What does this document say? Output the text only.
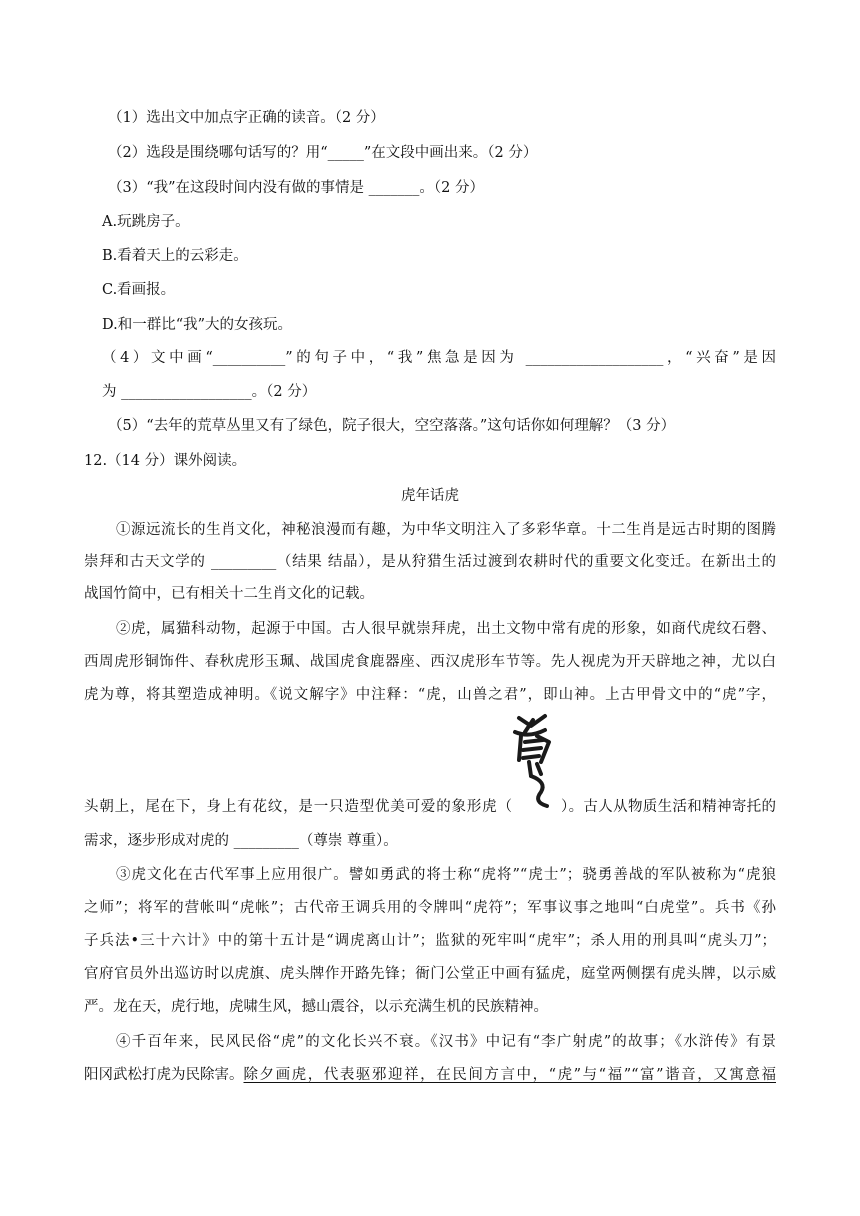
（1）选出文中加点字正确的读音。（2 分）
（2）选段是围绕哪句话写的？用“_____”在文段中画出来。（2 分）
（3）“我”在这段时间内没有做的事情是 _______。（2 分）
A.玩跳房子。
B.看着天上的云彩走。
C.看画报。
D.和一群比“我”大的女孩玩。
（4）文中画“__________”的句子中，“我”焦急是因为 ___________________，“兴奋”是因
为 __________________。（2 分）
（5）“去年的荒草丛里又有了绿色，院子很大，空空落落。”这句话你如何理解？（3 分）
12.（14 分）课外阅读。
虎年话虎
①源远流长的生肖文化，神秘浪漫而有趣，为中华文明注入了多彩华章。十二生肖是远古时期的图腾
崇拜和古天文学的 _________（结果 结晶），是从狩猎生活过渡到农耕时代的重要文化变迁。在新出土的
战国竹简中，已有相关十二生肖文化的记载。
②虎，属猫科动物，起源于中国。古人很早就崇拜虎，出土文物中常有虎的形象，如商代虎纹石磬、
西周虎形铜饰件、春秋虎形玉珮、战国虎食鹿器座、西汉虎形车节等。先人视虎为开天辟地之神，尤以白
虎为尊，将其塑造成神明。《说文解字》中注释：“虎，山兽之君”，即山神。上古甲骨文中的“虎”字，
头朝上，尾在下，身上有花纹，是一只造型优美可爱的象形虎（	）。古人从物质生活和精神寄托的
需求，逐步形成对虎的 _________（尊崇 尊重）。
③虎文化在古代军事上应用很广。譬如勇武的将士称“虎将”“虎士”；骁勇善战的军队被称为“虎狼
之师”；将军的营帐叫“虎帐”；古代帝王调兵用的令牌叫“虎符”；军事议事之地叫“白虎堂”。兵书《孙
子兵法•三十六计》中的第十五计是“调虎离山计”；监狱的死牢叫“虎牢”；杀人用的刑具叫“虎头刀”；
官府官员外出巡访时以虎旗、虎头牌作开路先锋；衙门公堂正中画有猛虎，庭堂两侧摆有虎头牌，以示威
严。龙在天，虎行地，虎啸生风，撼山震谷，以示充满生机的民族精神。
④千百年来，民风民俗“虎”的文化长兴不衰。《汉书》中记有“李广射虎”的故事；《水浒传》有景
阳冈武松打虎为民除害。 除夕画虎，代表驱邪迎祥，在民间方言中，“虎”与“福”“富”谐音，又寓意福
